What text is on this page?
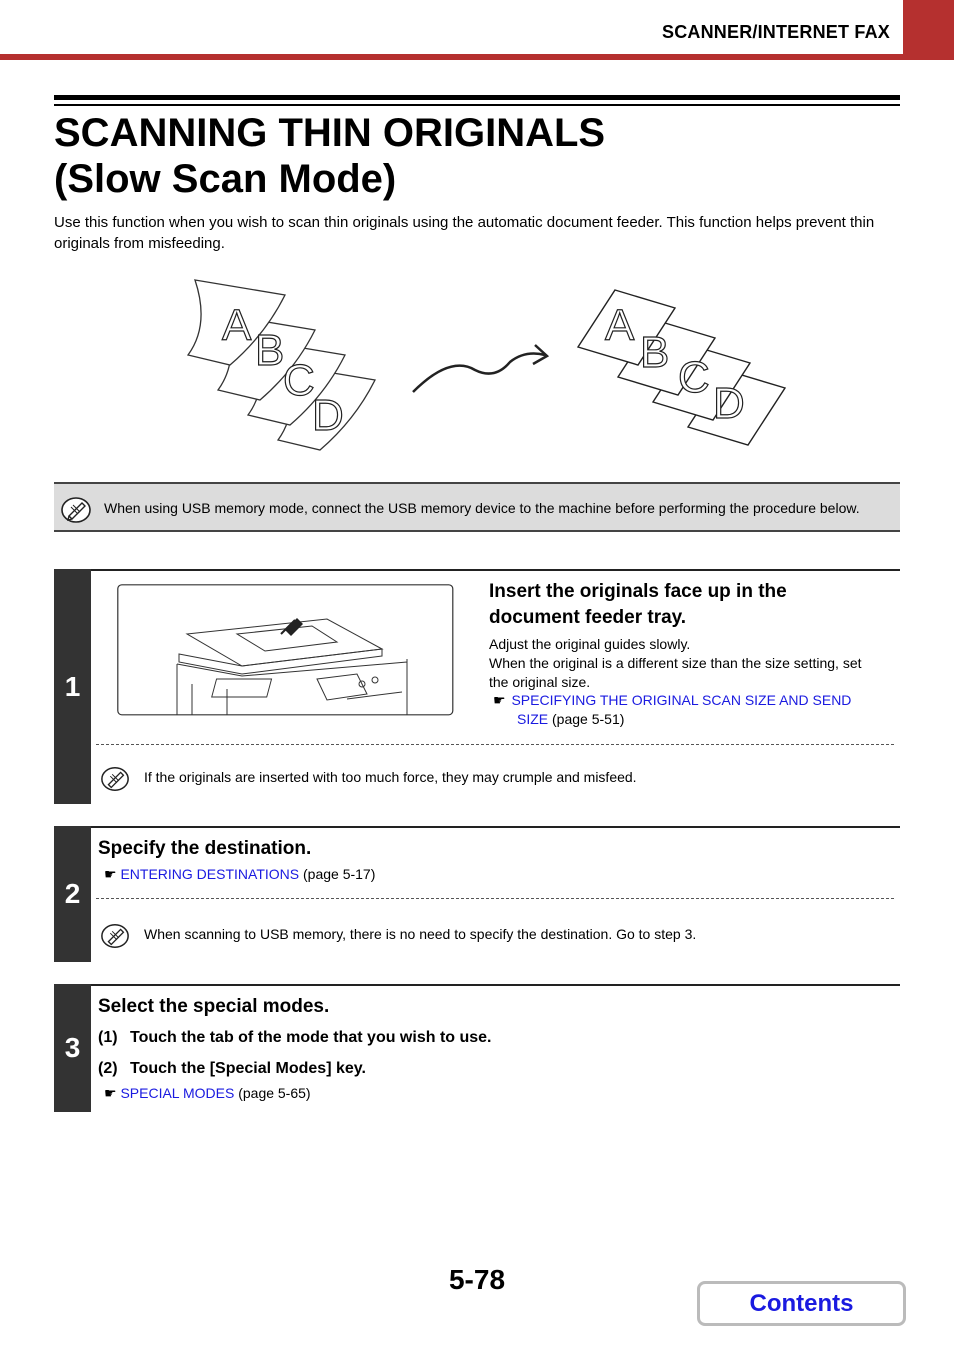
SCANNER/INTERNET FAX
SCANNING THIN ORIGINALS
(Slow Scan Mode)

Use this function when you wish to scan thin originals using the automatic document feeder. This function helps prevent thin originals from misfeeding.

A
B
C
D
A
B
C
D
When using USB memory mode, connect the USB memory device to the machine before performing the procedure below.
1
Insert the originals face up in the
document feeder tray.
Adjust the original guides slowly.
When the original is a different size than the size setting, set
the original size.
☛ SPECIFYING THE ORIGINAL SCAN SIZE AND SEND
SIZE (page 5-51)
If the originals are inserted with too much force, they may crumple and misfeed.
2
Specify the destination.
☛ ENTERING DESTINATIONS (page 5-17)
When scanning to USB memory, there is no need to specify the destination. Go to step 3.
3
Select the special modes.
(1) Touch the tab of the mode that you wish to use.
(2) Touch the [Special Modes] key.
☛ SPECIAL MODES (page 5-65)
5-78
Contents
